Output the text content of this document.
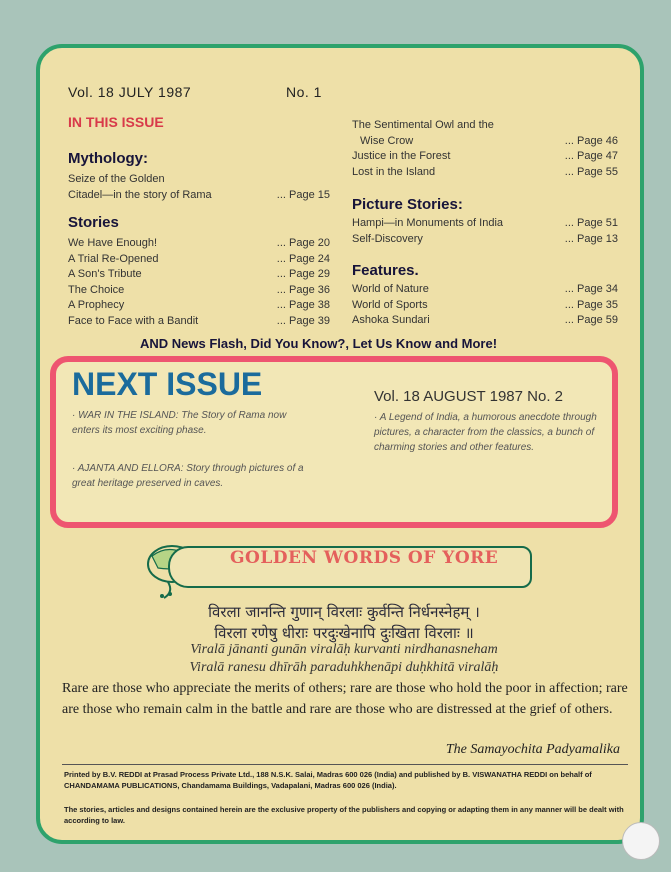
Vol. 18 JULY 1987	No. 1
IN THIS ISSUE
Mythology:
Seize of the Golden
Citadel—in the story of Rama	... Page 15
Stories
We Have Enough!	... Page 20
A Trial Re-Opened	... Page 24
A Son's Tribute	... Page 29
The Choice	... Page 36
A Prophecy	... Page 38
Face to Face with a Bandit	... Page 39
The Sentimental Owl and the
Wise Crow	... Page 46
Justice in the Forest	... Page 47
Lost in the Island	... Page 55
Picture Stories:
Hampi—in Monuments of India	... Page 51
Self-Discovery	... Page 13
Features.
World of Nature	... Page 34
World of Sports	... Page 35
Ashoka Sundari	... Page 59
AND News Flash, Did You Know?, Let Us Know and More!
NEXT ISSUE	Vol. 18 AUGUST 1987 No. 2
· WAR IN THE ISLAND: The Story of Rama now enters its most exciting phase.
· AJANTA AND ELLORA: Story through pictures of a great heritage preserved in caves.
· A Legend of India, a humorous anecdote through pictures, a character from the classics, a bunch of charming stories and other features.
GOLDEN WORDS OF YORE
विरला जानन्ति गुणान् विरलाः कुर्वन्ति निर्धनस्नेहम् ।
विरला रणेषु धीराः परदुःखेनापि दुःखिता विरलाः ॥
Viralā jānanti gunān viralāḥ kurvanti nirdhanasneham
Viralā ranesu dhīrāh paraduhkhenāpi duḥkhitā viralāḥ
Rare are those who appreciate the merits of others; rare are those who hold the poor in affection; rare are those who remain calm in the battle and rare are those who are distressed at the grief of others.
The Samayochita Padyamalika
Printed by B.V. REDDI at Prasad Process Private Ltd., 188 N.S.K. Salai, Madras 600 026 (India) and published by B. VISWANATHA REDDI on behalf of CHANDAMAMA PUBLICATIONS, Chandamama Buildings, Vadapalani, Madras 600 026 (India).
The stories, articles and designs contained herein are the exclusive property of the publishers and copying or adapting them in any manner will be dealt with according to law.
